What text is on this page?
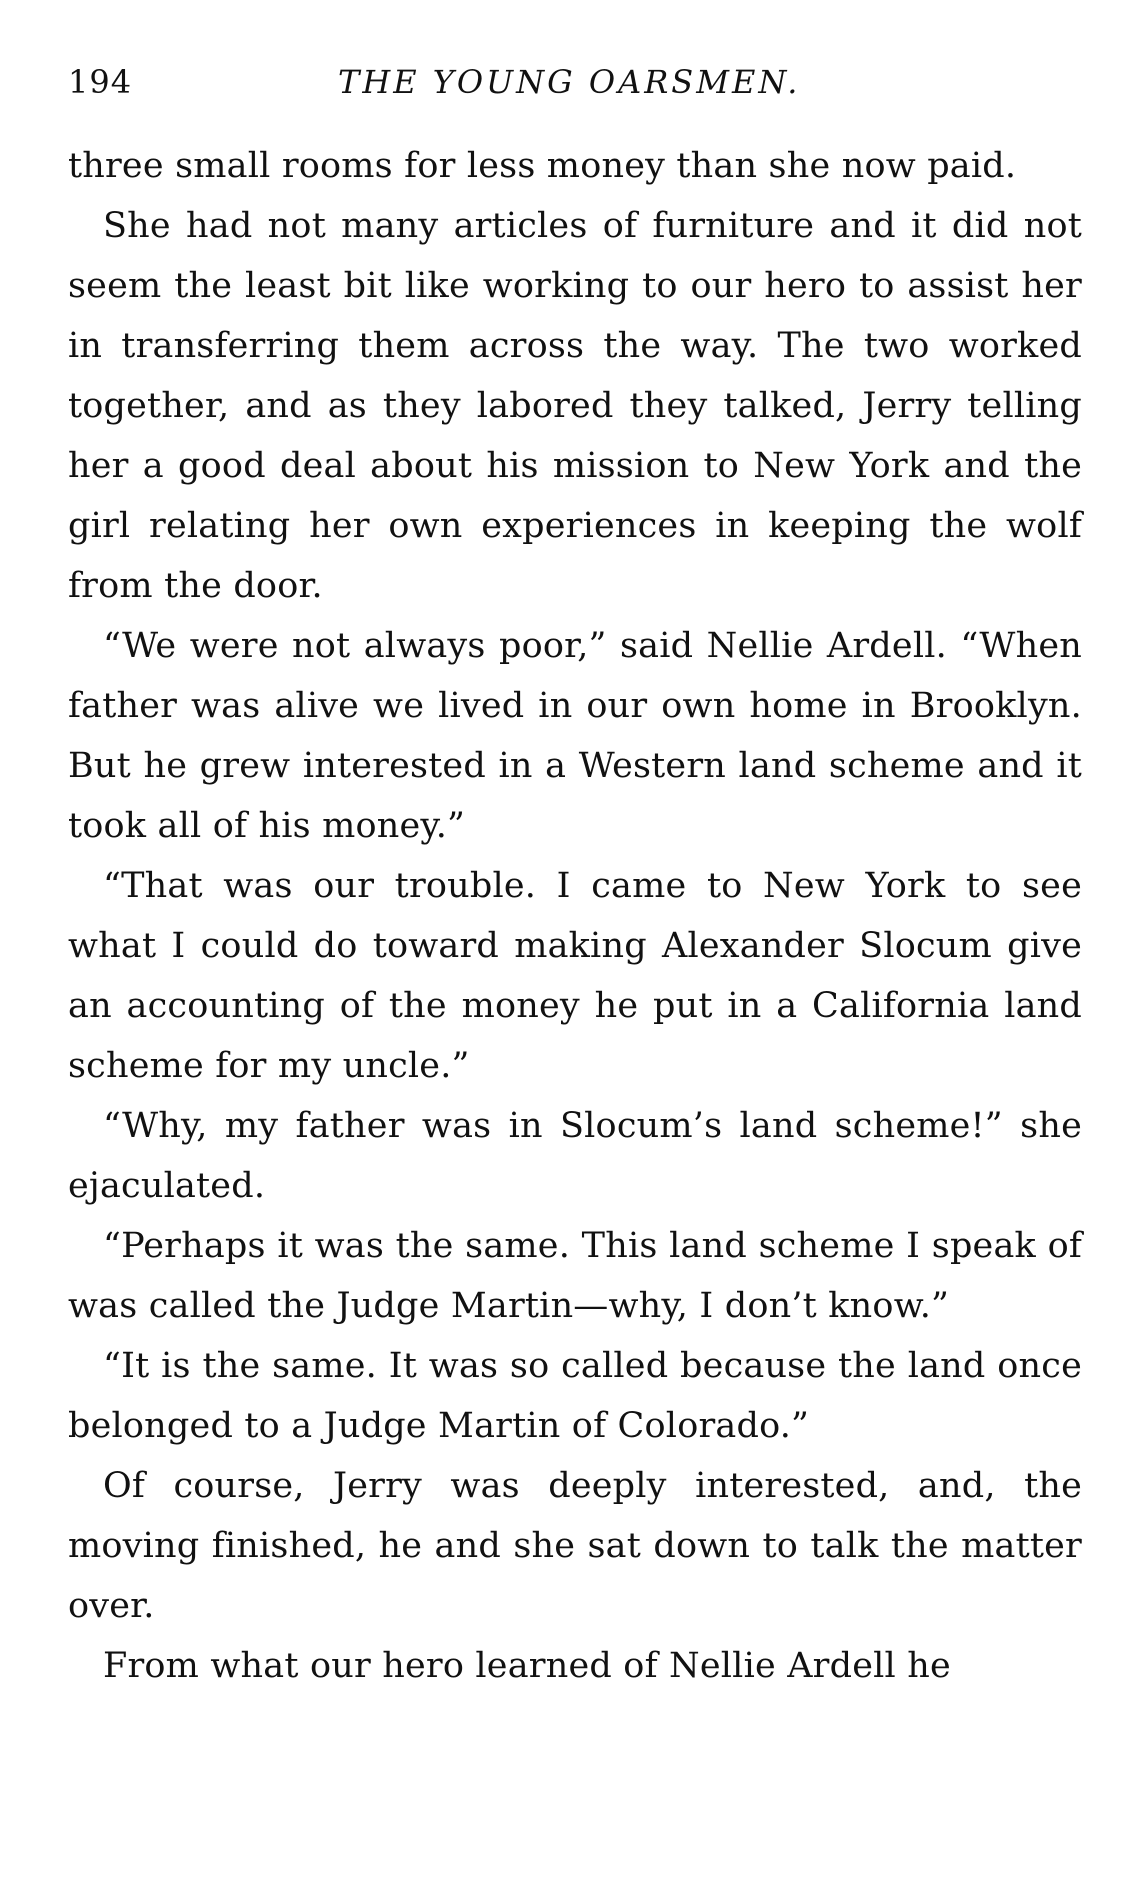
194	THE YOUNG OARSMEN.

three small rooms for less money than she now paid.

She had not many articles of furniture and it did not seem the least bit like working to our hero to assist her in transferring them across the way. The two worked together, and as they labored they talked, Jerry telling her a good deal about his mission to New York and the girl relating her own experiences in keeping the wolf from the door.

“We were not always poor,” said Nellie Ardell. “When father was alive we lived in our own home in Brooklyn. But he grew interested in a Western land scheme and it took all of his money.”

“That was our trouble. I came to New York to see what I could do toward making Alexander Slocum give an accounting of the money he put in a California land scheme for my uncle.”

“Why, my father was in Slocum’s land scheme!” she ejaculated.

“Perhaps it was the same. This land scheme I speak of was called the Judge Martin—why, I don’t know.”

“It is the same. It was so called because the land once belonged to a Judge Martin of Colorado.”

Of course, Jerry was deeply interested, and, the moving finished, he and she sat down to talk the matter over.

From what our hero learned of Nellie Ardell he
